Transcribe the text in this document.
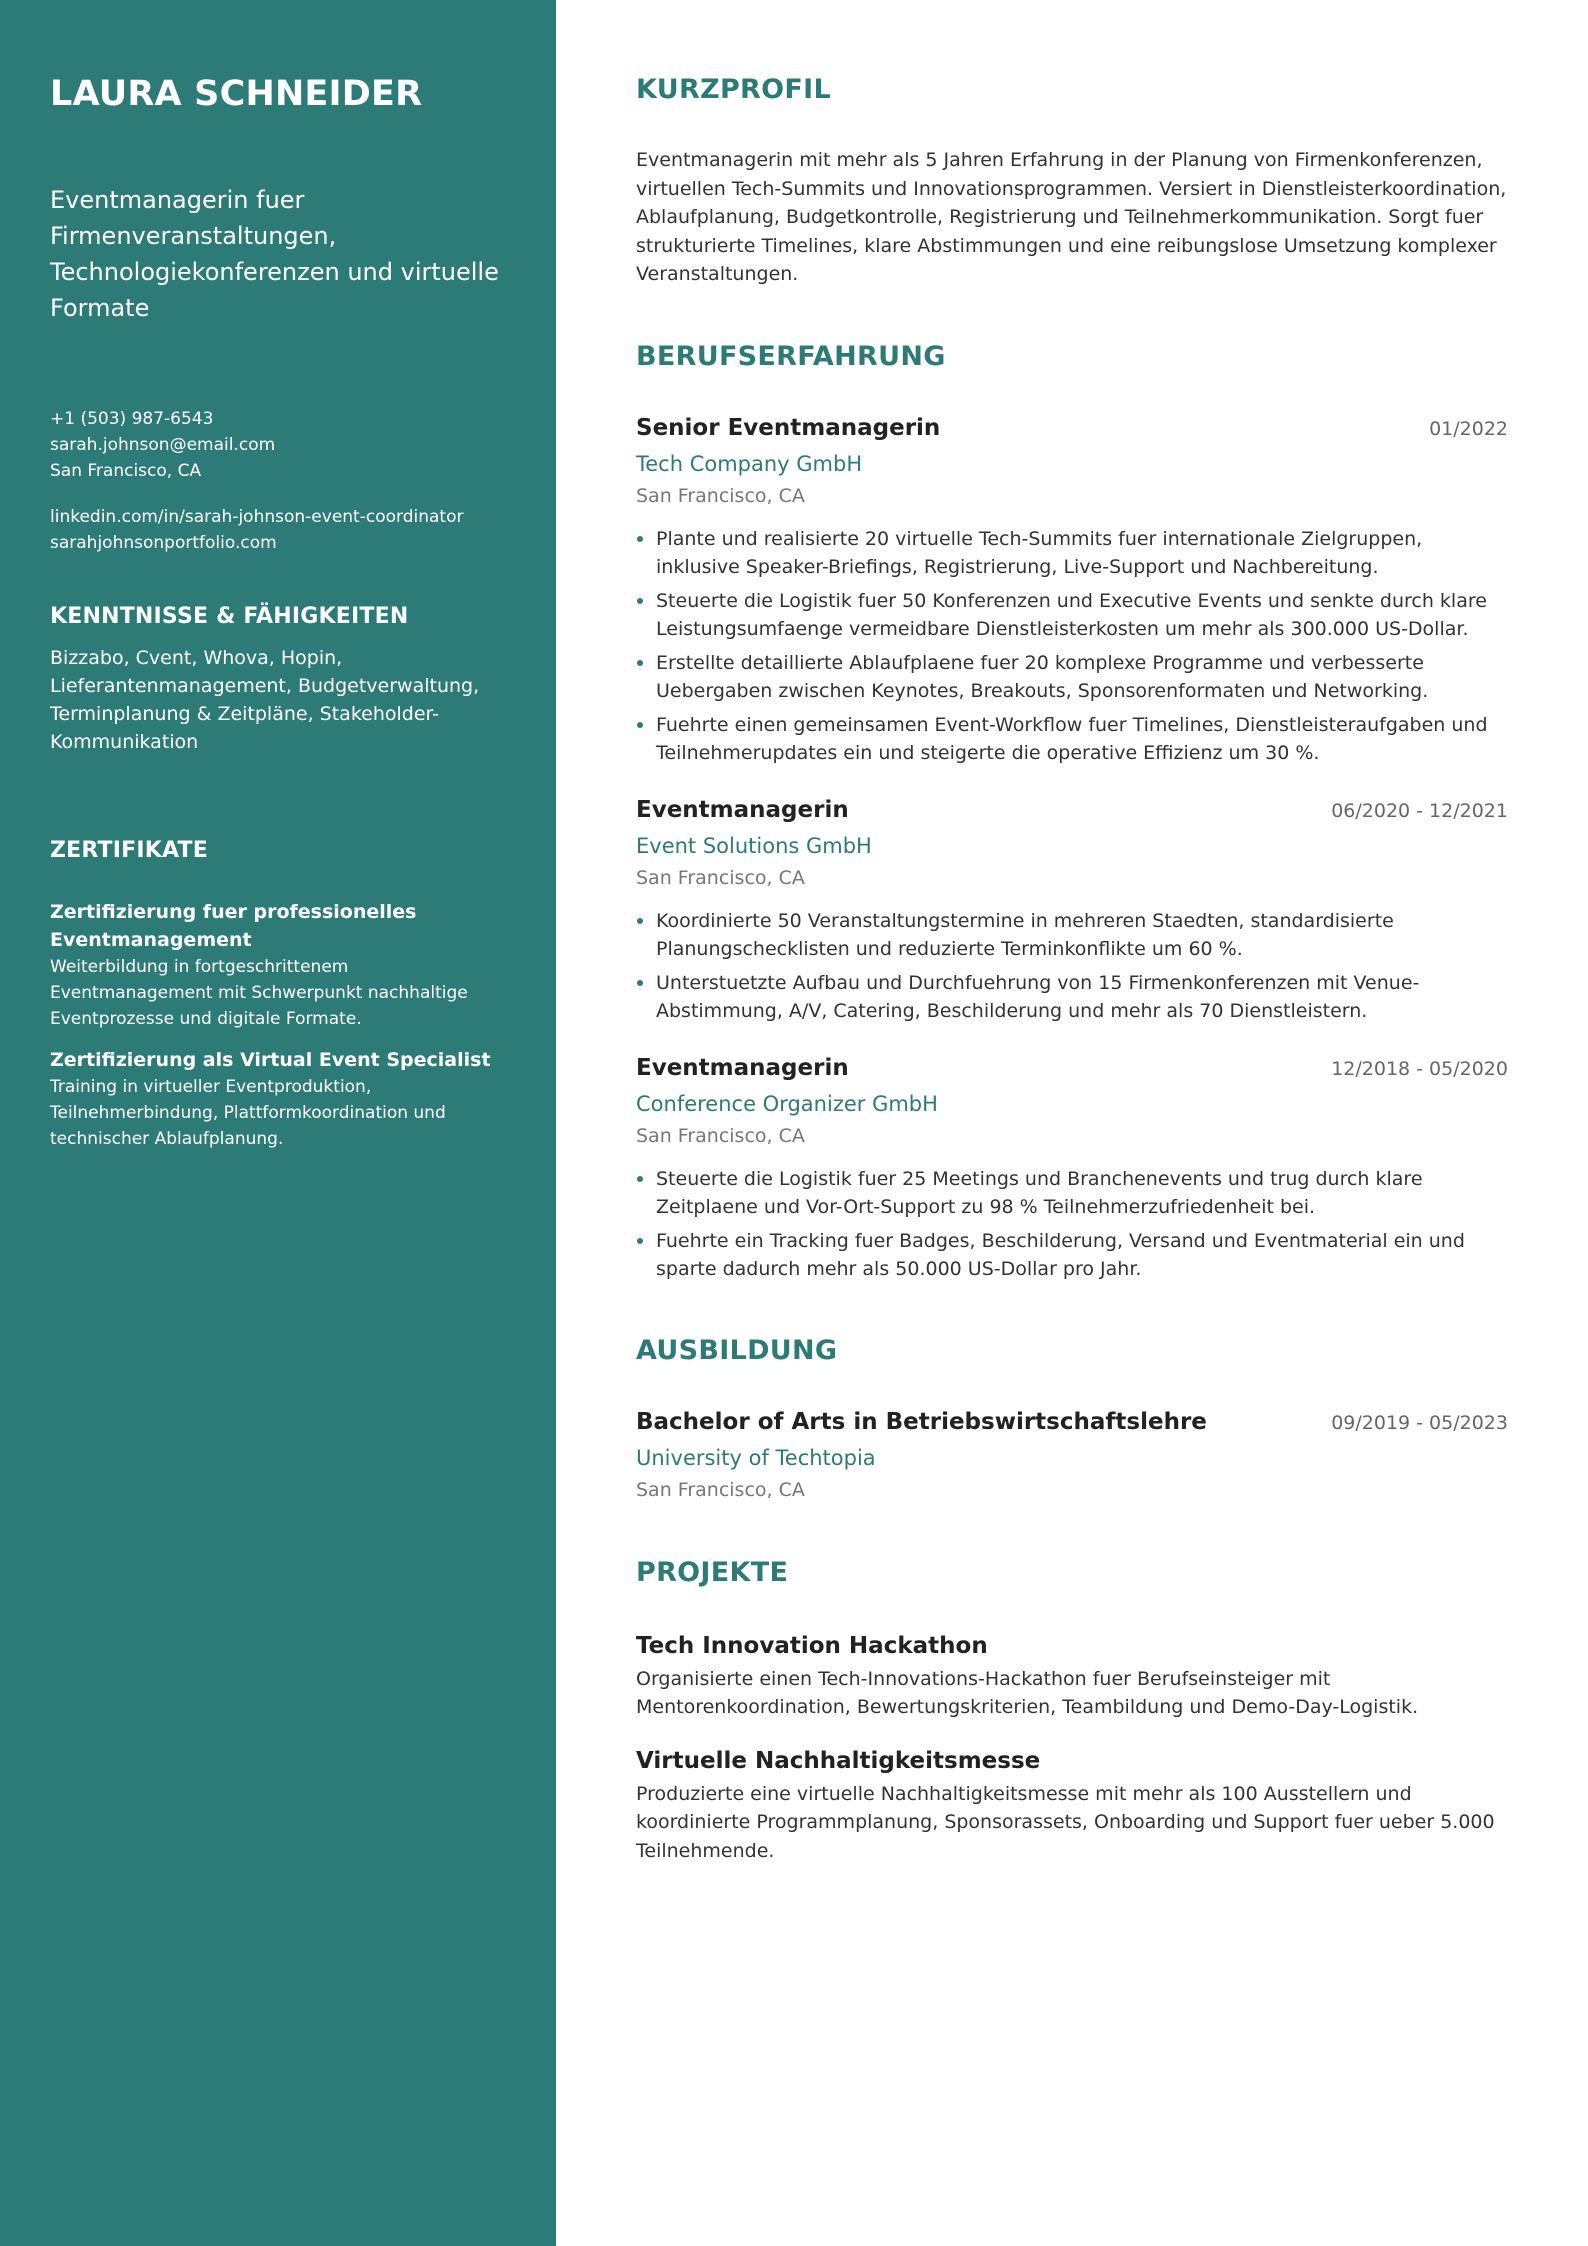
LAURA SCHNEIDER
Eventmanagerin fuer Firmenveranstaltungen, Technologiekonferenzen und virtuelle Formate
+1 (503) 987-6543
sarah.johnson@email.com
San Francisco, CA
linkedin.com/in/sarah-johnson-event-coordinator
sarahjohnsonportfolio.com
KENNTNISSE & FÄHIGKEITEN
Bizzabo, Cvent, Whova, Hopin, Lieferantenmanagement, Budgetverwaltung, Terminplanung & Zeitpläne, Stakeholder-Kommunikation
ZERTIFIKATE
Zertifizierung fuer professionelles Eventmanagement
Weiterbildung in fortgeschrittenem Eventmanagement mit Schwerpunkt nachhaltige Eventprozesse und digitale Formate.
Zertifizierung als Virtual Event Specialist
Training in virtueller Eventproduktion, Teilnehmerbindung, Plattformkoordination und technischer Ablaufplanung.
KURZPROFIL
Eventmanagerin mit mehr als 5 Jahren Erfahrung in der Planung von Firmenkonferenzen, virtuellen Tech-Summits und Innovationsprogrammen. Versiert in Dienstleisterkoordination, Ablaufplanung, Budgetkontrolle, Registrierung und Teilnehmerkommunikation. Sorgt fuer strukturierte Timelines, klare Abstimmungen und eine reibungslose Umsetzung komplexer Veranstaltungen.
BERUFSERFAHRUNG
Senior Eventmanagerin	01/2022
Tech Company GmbH
San Francisco, CA
Plante und realisierte 20 virtuelle Tech-Summits fuer internationale Zielgruppen, inklusive Speaker-Briefings, Registrierung, Live-Support und Nachbereitung.
Steuerte die Logistik fuer 50 Konferenzen und Executive Events und senkte durch klare Leistungsumfaenge vermeidbare Dienstleisterkosten um mehr als 300.000 US-Dollar.
Erstellte detaillierte Ablaufplaene fuer 20 komplexe Programme und verbesserte Uebergaben zwischen Keynotes, Breakouts, Sponsorenformaten und Networking.
Fuehrte einen gemeinsamen Event-Workflow fuer Timelines, Dienstleisteraufgaben und Teilnehmerupdates ein und steigerte die operative Effizienz um 30 %.
Eventmanagerin	06/2020 - 12/2021
Event Solutions GmbH
San Francisco, CA
Koordinierte 50 Veranstaltungstermine in mehreren Staedten, standardisierte Planungschecklisten und reduzierte Terminkonflikte um 60 %.
Unterstuetzte Aufbau und Durchfuehrung von 15 Firmenkonferenzen mit Venue-Abstimmung, A/V, Catering, Beschilderung und mehr als 70 Dienstleistern.
Eventmanagerin	12/2018 - 05/2020
Conference Organizer GmbH
San Francisco, CA
Steuerte die Logistik fuer 25 Meetings und Branchenevents und trug durch klare Zeitplaene und Vor-Ort-Support zu 98 % Teilnehmerzufriedenheit bei.
Fuehrte ein Tracking fuer Badges, Beschilderung, Versand und Eventmaterial ein und sparte dadurch mehr als 50.000 US-Dollar pro Jahr.
AUSBILDUNG
Bachelor of Arts in Betriebswirtschaftslehre	09/2019 - 05/2023
University of Techtopia
San Francisco, CA
PROJEKTE
Tech Innovation Hackathon
Organisierte einen Tech-Innovations-Hackathon fuer Berufseinsteiger mit Mentorenkoordination, Bewertungskriterien, Teambildung und Demo-Day-Logistik.
Virtuelle Nachhaltigkeitsmesse
Produzierte eine virtuelle Nachhaltigkeitsmesse mit mehr als 100 Ausstellern und koordinierte Programmplanung, Sponsorassets, Onboarding und Support fuer ueber 5.000 Teilnehmende.
